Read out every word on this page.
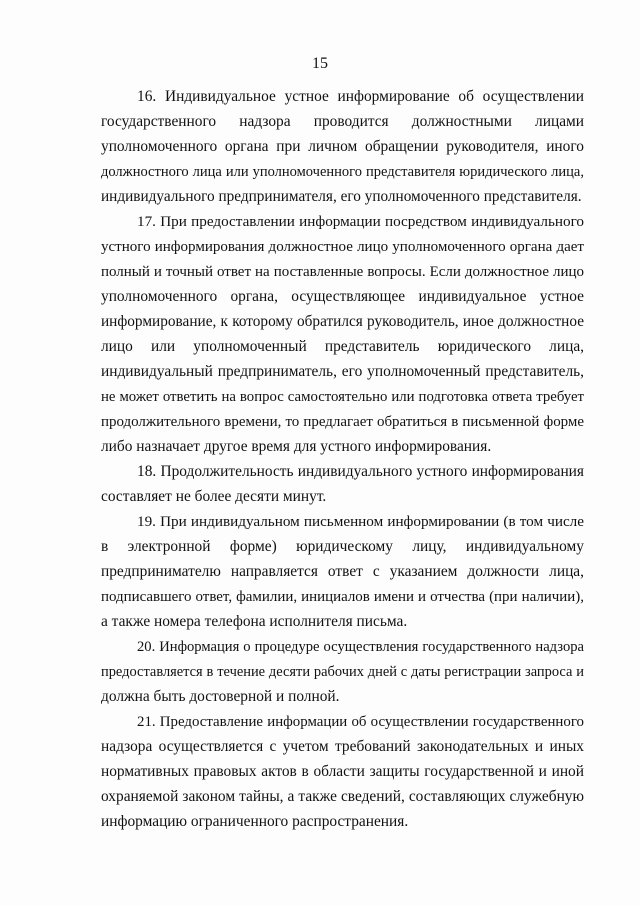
15
16. Индивидуальное устное информирование об осуществлении
государственного надзора проводится должностными лицами
уполномоченного органа при личном обращении руководителя, иного
должностного лица или уполномоченного представителя юридического лица,
индивидуального предпринимателя, его уполномоченного представителя.
17. При предоставлении информации посредством индивидуального
устного информирования должностное лицо уполномоченного органа дает
полный и точный ответ на поставленные вопросы. Если должностное лицо
уполномоченного органа, осуществляющее индивидуальное устное
информирование, к которому обратился руководитель, иное должностное
лицо или уполномоченный представитель юридического лица,
индивидуальный предприниматель, его уполномоченный представитель,
не может ответить на вопрос самостоятельно или подготовка ответа требует
продолжительного времени, то предлагает обратиться в письменной форме
либо назначает другое время для устного информирования.
18. Продолжительность индивидуального устного информирования
составляет не более десяти минут.
19. При индивидуальном письменном информировании (в том числе
в электронной форме) юридическому лицу, индивидуальному
предпринимателю направляется ответ с указанием должности лица,
подписавшего ответ, фамилии, инициалов имени и отчества (при наличии),
а также номера телефона исполнителя письма.
20. Информация о процедуре осуществления государственного надзора
предоставляется в течение десяти рабочих дней с даты регистрации запроса и
должна быть достоверной и полной.
21. Предоставление информации об осуществлении государственного
надзора осуществляется с учетом требований законодательных и иных
нормативных правовых актов в области защиты государственной и иной
охраняемой законом тайны, а также сведений, составляющих служебную
информацию ограниченного распространения.
